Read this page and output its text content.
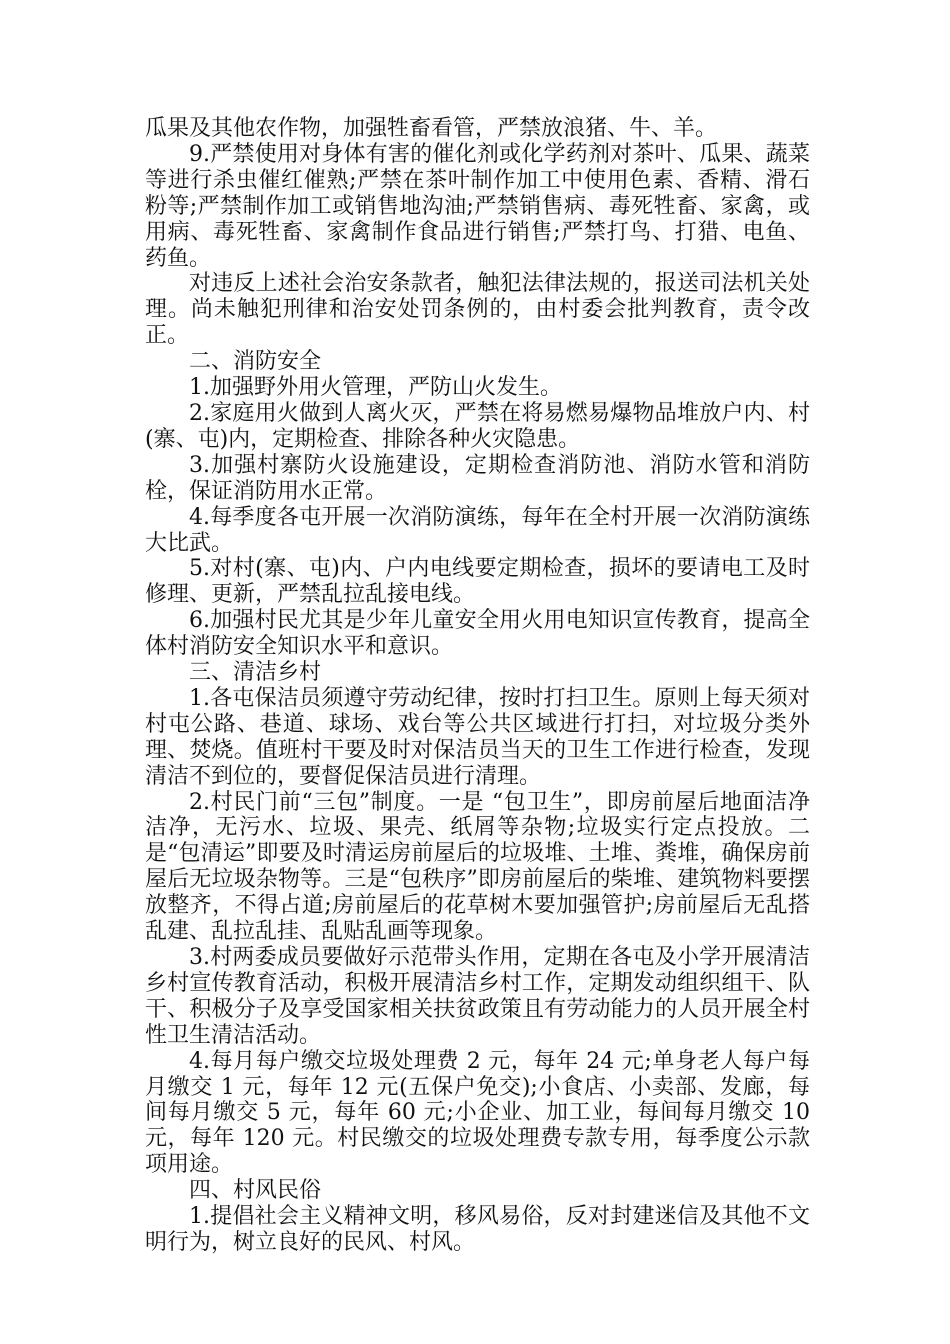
瓜果及其他农作物，加强牲畜看管，严禁放浪猪、牛、羊。

9.严禁使用对身体有害的催化剂或化学药剂对茶叶、瓜果、蔬菜等进行杀虫催红催熟;严禁在茶叶制作加工中使用色素、香精、滑石粉等;严禁制作加工或销售地沟油;严禁销售病、毒死牲畜、家禽，或用病、毒死牲畜、家禽制作食品进行销售;严禁打鸟、打猎、电鱼、药鱼。

对违反上述社会治安条款者，触犯法律法规的，报送司法机关处理。尚未触犯刑律和治安处罚条例的，由村委会批判教育，责令改正。

二、消防安全

1.加强野外用火管理，严防山火发生。

2.家庭用火做到人离火灭，严禁在将易燃易爆物品堆放户内、村(寨、屯)内，定期检查、排除各种火灾隐患。

3.加强村寨防火设施建设，定期检查消防池、消防水管和消防栓，保证消防用水正常。

4.每季度各屯开展一次消防演练，每年在全村开展一次消防演练大比武。

5.对村(寨、屯)内、户内电线要定期检查，损坏的要请电工及时修理、更新，严禁乱拉乱接电线。

6.加强村民尤其是少年儿童安全用火用电知识宣传教育，提高全体村消防安全知识水平和意识。

三、清洁乡村

1.各屯保洁员须遵守劳动纪律，按时打扫卫生。原则上每天须对村屯公路、巷道、球场、戏台等公共区域进行打扫，对垃圾分类外理、焚烧。值班村干要及时对保洁员当天的卫生工作进行检查，发现清洁不到位的，要督促保洁员进行清理。

2.村民门前“三包”制度。一是 “包卫生”，即房前屋后地面洁净洁净，无污水、垃圾、果壳、纸屑等杂物;垃圾实行定点投放。二是“包清运”即要及时清运房前屋后的垃圾堆、土堆、粪堆，确保房前屋后无垃圾杂物等。三是“包秩序”即房前屋后的柴堆、建筑物料要摆放整齐，不得占道;房前屋后的花草树木要加强管护;房前屋后无乱搭乱建、乱拉乱挂、乱贴乱画等现象。

3.村两委成员要做好示范带头作用，定期在各屯及小学开展清洁乡村宣传教育活动，积极开展清洁乡村工作，定期发动组织组干、队干、积极分子及享受国家相关扶贫政策且有劳动能力的人员开展全村性卫生清洁活动。

4.每月每户缴交垃圾处理费 2 元，每年 24 元;单身老人每户每月缴交 1 元，每年 12 元(五保户免交);小食店、小卖部、发廊，每间每月缴交 5 元，每年 60 元;小企业、加工业，每间每月缴交 10 元，每年 120 元。村民缴交的垃圾处理费专款专用，每季度公示款项用途。

四、村风民俗

1.提倡社会主义精神文明，移风易俗，反对封建迷信及其他不文明行为，树立良好的民风、村风。
